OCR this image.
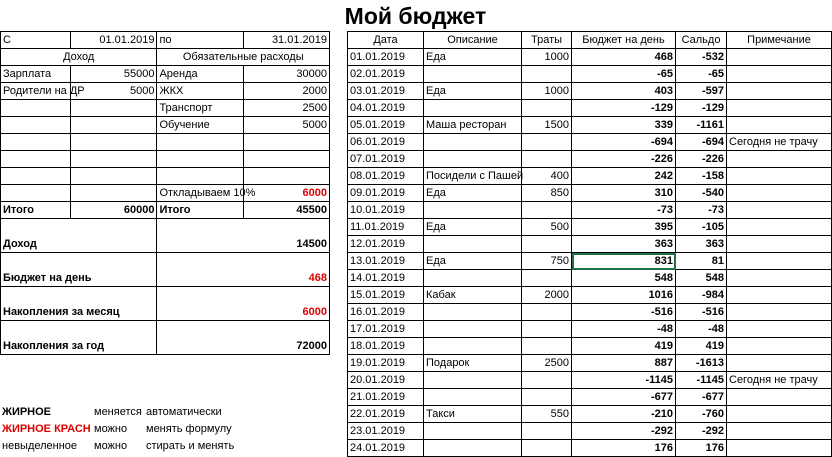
Мой бюджет
С	01.01.2019	по	31.01.2019
Доход		Обязательные расходы	
Зарплата	55000	Аренда	30000
Родители на ДР	5000	ЖКХ	2000
		Транспорт	2500
		Обучение	5000

		Откладываем 10%	6000
Итого	60000	Итого	45500
Доход		14500	
Бюджет на день		468	
Накопления за месяц		6000	
Накопления за год		72000	
Дата	Описание	Траты	Бюджет на день	Сальдо	Примечание
01.01.2019	Еда	1000	468	-532	
02.01.2019			-65	-65	
03.01.2019	Еда	1000	403	-597	
04.01.2019			-129	-129	
05.01.2019	Маша ресторан	1500	339	-1161	
06.01.2019			-694	-694	Сегодня не трачу
07.01.2019			-226	-226	
08.01.2019	Посидели с Пашей	400	242	-158	
09.01.2019	Еда	850	310	-540	
10.01.2019			-73	-73	
11.01.2019	Еда	500	395	-105	
12.01.2019			363	363	
13.01.2019	Еда	750	831	81	
14.01.2019			548	548	
15.01.2019	Кабак	2000	1016	-984	
16.01.2019			-516	-516	
17.01.2019			-48	-48	
18.01.2019			419	419	
19.01.2019	Подарок	2500	887	-1613	
20.01.2019			-1145	-1145	Сегодня не трачу
21.01.2019			-677	-677	
22.01.2019	Такси	550	-210	-760	
23.01.2019			-292	-292	
24.01.2019			176	176	
ЖИРНОЕ	меняется автоматически
ЖИРНОЕ КРАСН можно	менять формулу
невыделенное	можно	стирать и менять
